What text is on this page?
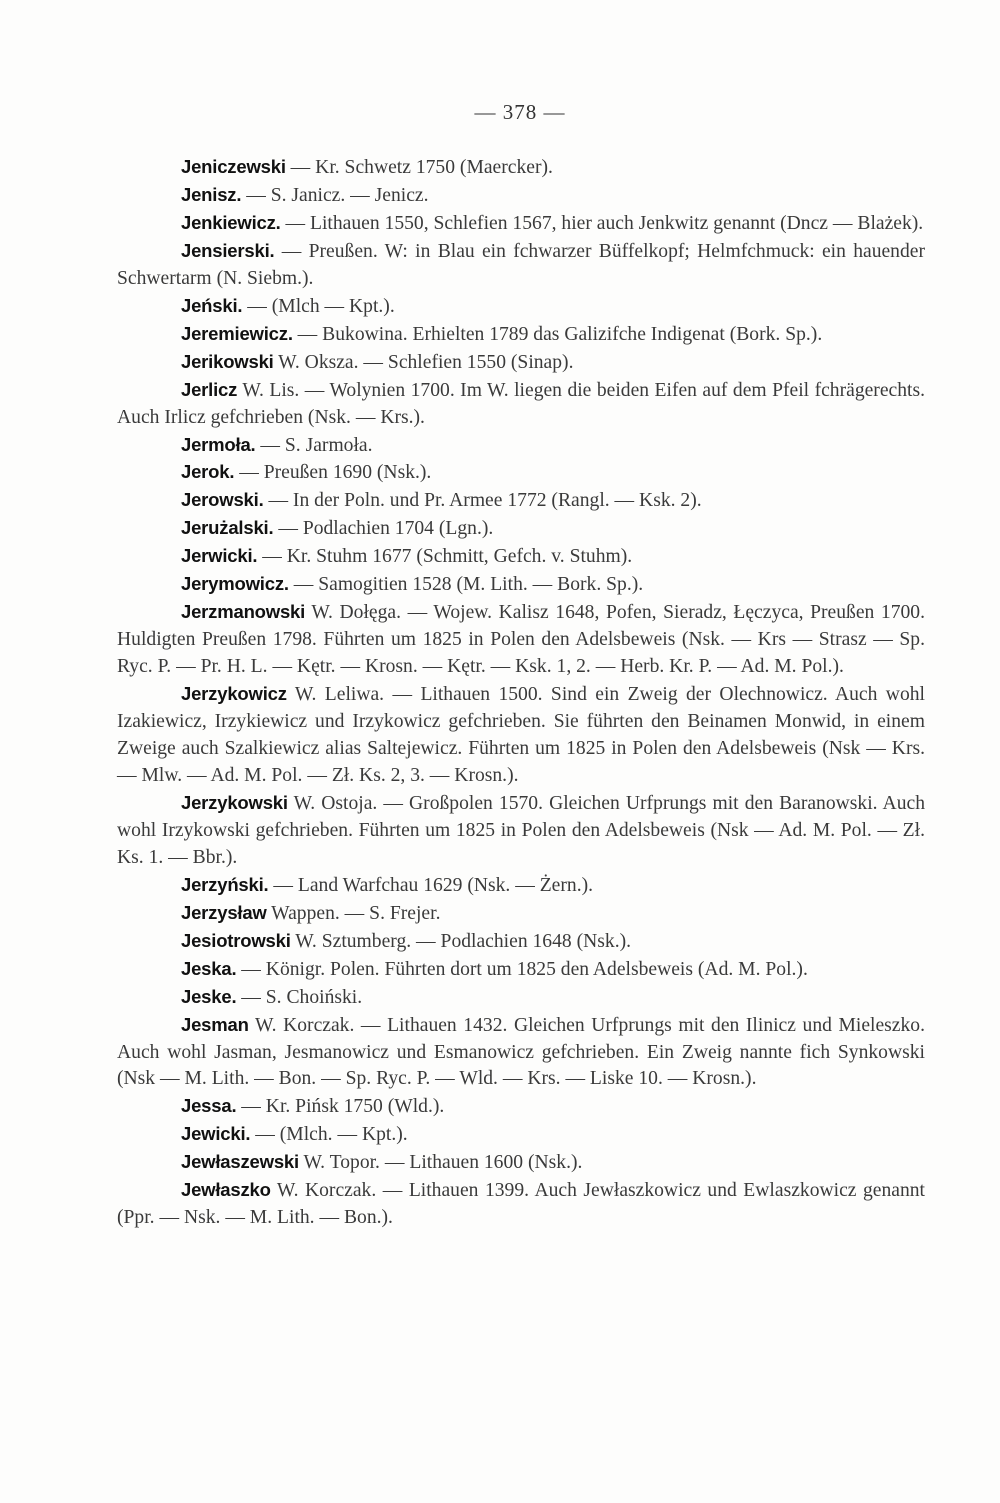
— 378 —

Jeniczewski — Kr. Schwetz 1750 (Maercker).

Jenisz. — S. Janicz. — Jenicz.

Jenkiewicz. — Lithauen 1550, Schlefien 1567, hier auch Jenkwitz genannt (Dncz — Blażek).

Jensierski. — Preußen. W: in Blau ein fchwarzer Büffelkopf; Helmfchmuck: ein hauender Schwertarm (N. Siebm.).

Jeński. — (Mlch — Kpt.).

Jeremiewicz. — Bukowina. Erhielten 1789 das Galizifche Indigenat (Bork. Sp.).

Jerikowski W. Oksza. — Schlefien 1550 (Sinap).

Jerlicz W. Lis. — Wolynien 1700. Im W. liegen die beiden Eifen auf dem Pfeil fchrägerechts. Auch Irlicz gefchrieben (Nsk. — Krs.).

Jermoła. — S. Jarmoła.

Jerok. — Preußen 1690 (Nsk.).

Jerowski. — In der Poln. und Pr. Armee 1772 (Rangl. — Ksk. 2).

Jerużalski. — Podlachien 1704 (Lgn.).

Jerwicki. — Kr. Stuhm 1677 (Schmitt, Gefch. v. Stuhm).

Jerymowicz. — Samogitien 1528 (M. Lith. — Bork. Sp.).

Jerzmanowski W. Dołęga. — Wojew. Kalisz 1648, Pofen, Sieradz, Łęczyca, Preußen 1700. Huldigten Preußen 1798. Führten um 1825 in Polen den Adelsbeweis (Nsk. — Krs — Strasz — Sp. Ryc. P. — Pr. H. L. — Kętr. — Krosn. — Kętr. — Ksk. 1, 2. — Herb. Kr. P. — Ad. M. Pol.).

Jerzykowicz W. Leliwa. — Lithauen 1500. Sind ein Zweig der Olechnowicz. Auch wohl Izakiewicz, Irzykiewicz und Irzykowicz gefchrieben. Sie führten den Beinamen Monwid, in einem Zweige auch Szalkiewicz alias Saltejewicz. Führten um 1825 in Polen den Adelsbeweis (Nsk — Krs. — Mlw. — Ad. M. Pol. — Zł. Ks. 2, 3. — Krosn.).

Jerzykowski W. Ostoja. — Großpolen 1570. Gleichen Urfprungs mit den Baranowski. Auch wohl Irzykowski gefchrieben. Führten um 1825 in Polen den Adelsbeweis (Nsk — Ad. M. Pol. — Zł. Ks. 1. — Bbr.).

Jerzyński. — Land Warfchau 1629 (Nsk. — Żern.).

Jerzysław Wappen. — S. Frejer.

Jesiotrowski W. Sztumberg. — Podlachien 1648 (Nsk.).

Jeska. — Königr. Polen. Führten dort um 1825 den Adelsbeweis (Ad. M. Pol.).

Jeske. — S. Choiński.

Jesman W. Korczak. — Lithauen 1432. Gleichen Urfprungs mit den Ilinicz und Mieleszko. Auch wohl Jasman, Jesmanowicz und Esmanowicz gefchrieben. Ein Zweig nannte fich Synkowski (Nsk — M. Lith. — Bon. — Sp. Ryc. P. — Wld. — Krs. — Liske 10. — Krosn.).

Jessa. — Kr. Pińsk 1750 (Wld.).

Jewicki. — (Mlch. — Kpt.).

Jewłaszewski W. Topor. — Lithauen 1600 (Nsk.).

Jewłaszko W. Korczak. — Lithauen 1399. Auch Jewłaszkowicz und Ewlaszkowicz genannt (Ppr. — Nsk. — M. Lith. — Bon.).
